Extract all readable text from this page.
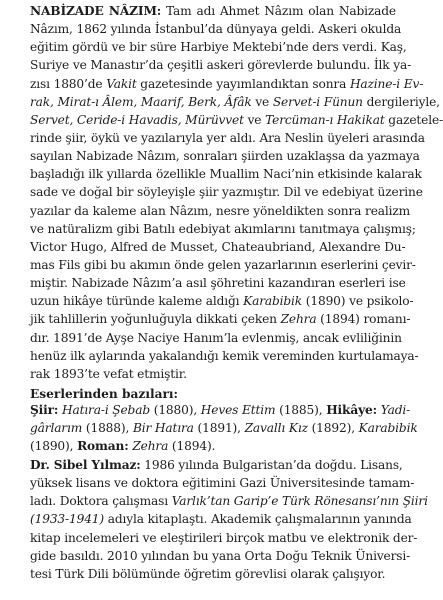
NABİZADE NÂZIM: Tam adı Ahmet Nâzım olan Nabizade
Nâzım, 1862 yılında İstanbul’da dünyaya geldi. Askeri okulda
eğitim gördü ve bir süre Harbiye Mektebi’nde ders verdi. Kaş,
Suriye ve Manastır’da çeşitli askeri görevlerde bulundu. İlk ya-
zısı 1880’de Vakit gazetesinde yayımlandıktan sonra Hazine-i Ev-
rak, Mirat-ı Âlem, Maarif, Berk, Âfâk ve Servet-i Fünun dergileriyle,
Servet, Ceride-i Havadis, Mürüvvet ve Tercüman-ı Hakikat gazetele-
rinde şiir, öykü ve yazılarıyla yer aldı. Ara Neslin üyeleri arasında
sayılan Nabizade Nâzım, sonraları şiirden uzaklaşsa da yazmaya
başladığı ilk yıllarda özellikle Muallim Naci’nin etkisinde kalarak
sade ve doğal bir söyleyişle şiir yazmıştır. Dil ve edebiyat üzerine
yazılar da kaleme alan Nâzım, nesre yöneldikten sonra realizm
ve natüralizm gibi Batılı edebiyat akımlarını tanıtmaya çalışmış;
Victor Hugo, Alfred de Musset, Chateaubriand, Alexandre Du-
mas Fils gibi bu akımın önde gelen yazarlarının eserlerini çevir-
miştir. Nabizade Nâzım’a asıl şöhretini kazandıran eserleri ise
uzun hikâye türünde kaleme aldığı Karabibik (1890) ve psikolo-
jik tahlillerin yoğunluğuyla dikkati çeken Zehra (1894) romanı-
dır. 1891’de Ayşe Naciye Hanım’la evlenmiş, ancak evliliğinin
henüz ilk aylarında yakalandığı kemik vereminden kurtulamaya-
rak 1893’te vefat etmiştir.
Eserlerinden bazıları:
Şiir: Hatıra-i Şebab (1880), Heves Ettim (1885), Hikâye: Yadi-
gârlarım (1888), Bir Hatıra (1891), Zavallı Kız (1892), Karabibik
(1890), Roman: Zehra (1894).
Dr. Sibel Yılmaz: 1986 yılında Bulgaristan’da doğdu. Lisans,
yüksek lisans ve doktora eğitimini Gazi Üniversitesinde tamam-
ladı. Doktora çalışması Varlık’tan Garip’e Türk Rönesansı’nın Şiiri
(1933-1941) adıyla kitaplaştı. Akademik çalışmalarının yanında
kitap incelemeleri ve eleştirileri birçok matbu ve elektronik der-
gide basıldı. 2010 yılından bu yana Orta Doğu Teknik Üniversi-
tesi Türk Dili bölümünde öğretim görevlisi olarak çalışıyor.
